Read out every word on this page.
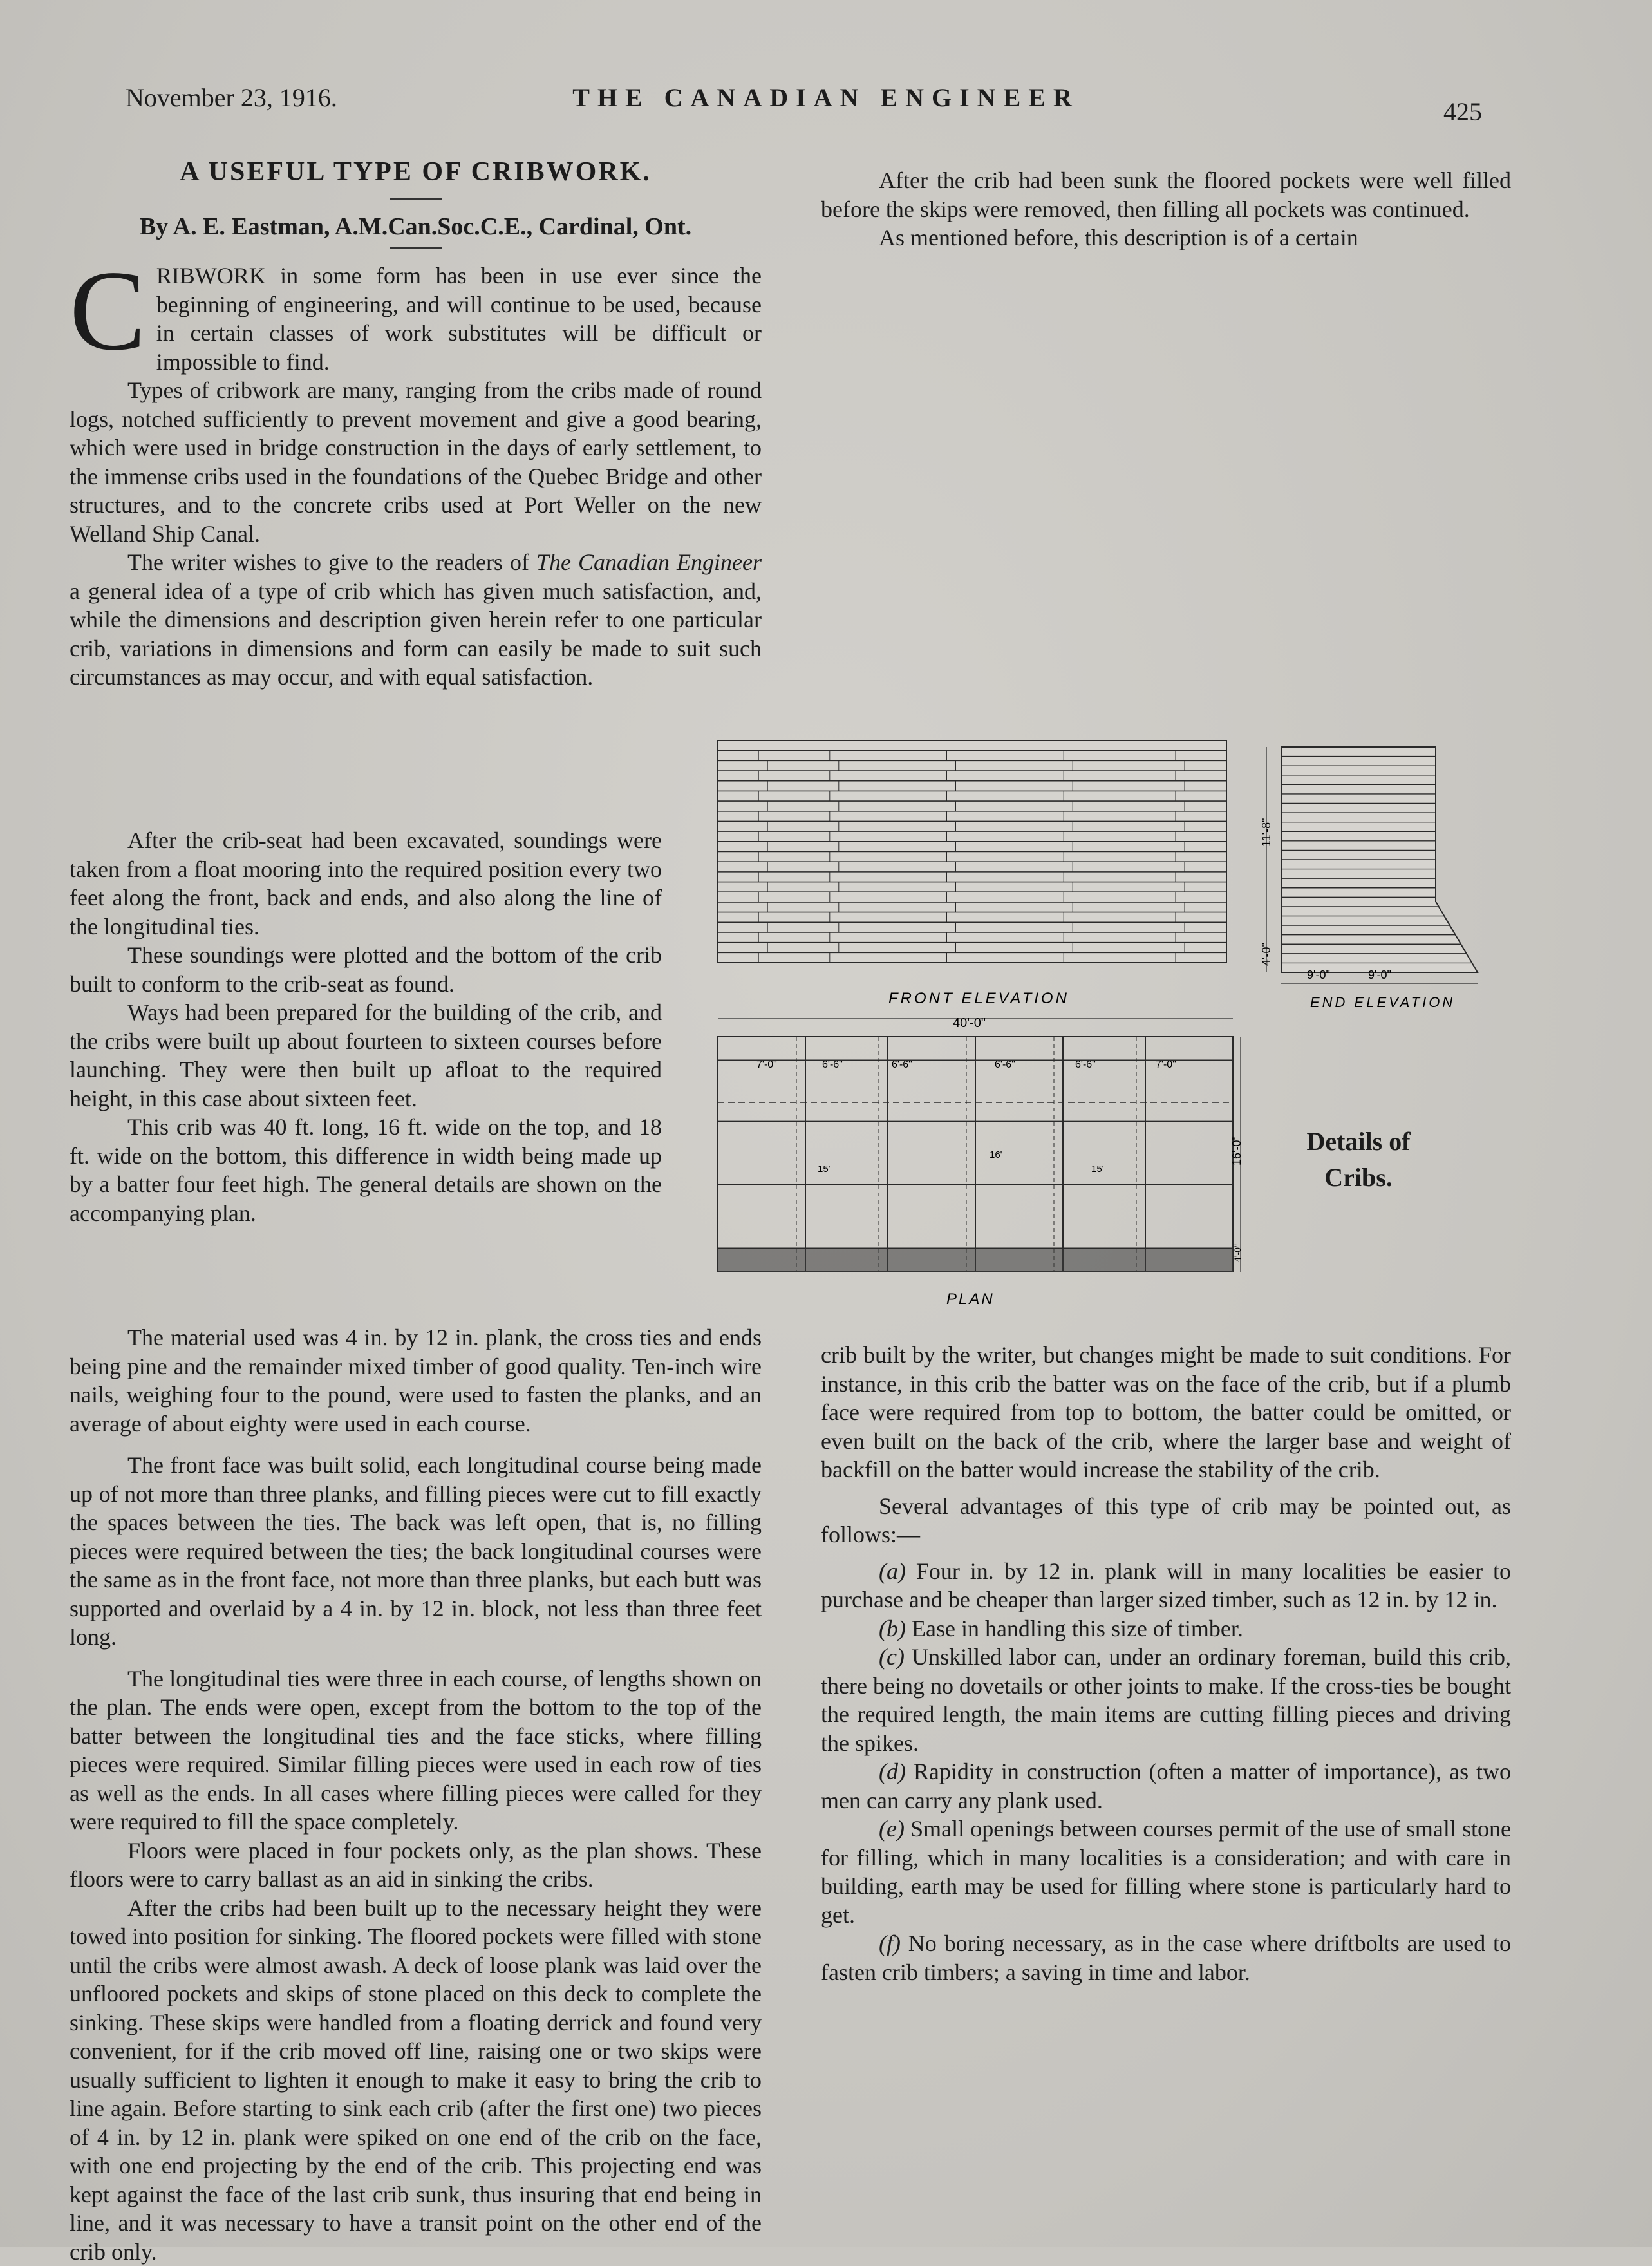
November 23, 1916.	THE CANADIAN ENGINEER	425
A USEFUL TYPE OF CRIBWORK.
By A. E. Eastman, A.M.Can.Soc.C.E., Cardinal, Ont.

CRIBWORK in some form has been in use ever since the beginning of engineering, and will continue to be used, because in certain classes of work substitutes will be difficult or impossible to find.

Types of cribwork are many, ranging from the cribs made of round logs, notched sufficiently to prevent movement and give a good bearing, which were used in bridge construction in the days of early settlement, to the immense cribs used in the foundations of the Quebec Bridge and other structures, and to the concrete cribs used at Port Weller on the new Welland Ship Canal.

The writer wishes to give to the readers of The Canadian Engineer a general idea of a type of crib which has given much satisfaction, and, while the dimensions and description given herein refer to one particular crib, variations in dimensions and form can easily be made to suit such circumstances as may occur, and with equal satisfaction.

After the crib-seat had been excavated, soundings were taken from a float mooring into the required position every two feet along the front, back and ends, and also along the line of the longitudinal ties.

These soundings were plotted and the bottom of the crib built to conform to the crib-seat as found.

Ways had been prepared for the building of the crib, and the cribs were built up about fourteen to sixteen courses before launching. They were then built up afloat to the required height, in this case about sixteen feet.

This crib was 40 ft. long, 16 ft. wide on the top, and 18 ft. wide on the bottom, this difference in width being made up by a batter four feet high. The general details are shown on the accompanying plan.

The material used was 4 in. by 12 in. plank, the cross ties and ends being pine and the remainder mixed timber of good quality. Ten-inch wire nails, weighing four to the pound, were used to fasten the planks, and an average of about eighty were used in each course.

The front face was built solid, each longitudinal course being made up of not more than three planks, and filling pieces were cut to fill exactly the spaces between the ties. The back was left open, that is, no filling pieces were required between the ties; the back longitudinal courses were the same as in the front face, not more than three planks, but each butt was supported and overlaid by a 4 in. by 12 in. block, not less than three feet long.

The longitudinal ties were three in each course, of lengths shown on the plan. The ends were open, except from the bottom to the top of the batter between the longitudinal ties and the face sticks, where filling pieces were required. Similar filling pieces were used in each row of ties as well as the ends. In all cases where filling pieces were called for they were required to fill the space completely.

Floors were placed in four pockets only, as the plan shows. These floors were to carry ballast as an aid in sinking the cribs.

After the cribs had been built up to the necessary height they were towed into position for sinking. The floored pockets were filled with stone until the cribs were almost awash. A deck of loose plank was laid over the unfloored pockets and skips of stone placed on this deck to complete the sinking. These skips were handled from a floating derrick and found very convenient, for if the crib moved off line, raising one or two skips were usually sufficient to lighten it enough to make it easy to bring the crib to line again. Before starting to sink each crib (after the first one) two pieces of 4 in. by 12 in. plank were spiked on one end of the crib on the face, with one end projecting by the end of the crib. This projecting end was kept against the face of the last crib sunk, thus insuring that end being in line, and it was necessary to have a transit point on the other end of the crib only.

After the crib had been sunk the floored pockets were well filled before the skips were removed, then filling all pockets was continued.

As mentioned before, this description is of a certain

FRONT ELEVATION	END ELEVATION
PLAN
40'-0"
11'-8"
4'-0"
9'-0"	9'-0"
16'-0"
4'-0"
7'-0"	6'-6"	6'-6"	6'-6"	6'-6"	7'-0"
16'
15'	15'
Details of
Cribs.

crib built by the writer, but changes might be made to suit conditions. For instance, in this crib the batter was on the face of the crib, but if a plumb face were required from top to bottom, the batter could be omitted, or even built on the back of the crib, where the larger base and weight of backfill on the batter would increase the stability of the crib.

Several advantages of this type of crib may be pointed out, as follows:—

(a) Four in. by 12 in. plank will in many localities be easier to purchase and be cheaper than larger sized timber, such as 12 in. by 12 in.

(b) Ease in handling this size of timber.

(c) Unskilled labor can, under an ordinary foreman, build this crib, there being no dovetails or other joints to make. If the cross-ties be bought the required length, the main items are cutting filling pieces and driving the spikes.

(d) Rapidity in construction (often a matter of importance), as two men can carry any plank used.

(e) Small openings between courses permit of the use of small stone for filling, which in many localities is a consideration; and with care in building, earth may be used for filling where stone is particularly hard to get.

(f) No boring necessary, as in the case where driftbolts are used to fasten crib timbers; a saving in time and labor.
